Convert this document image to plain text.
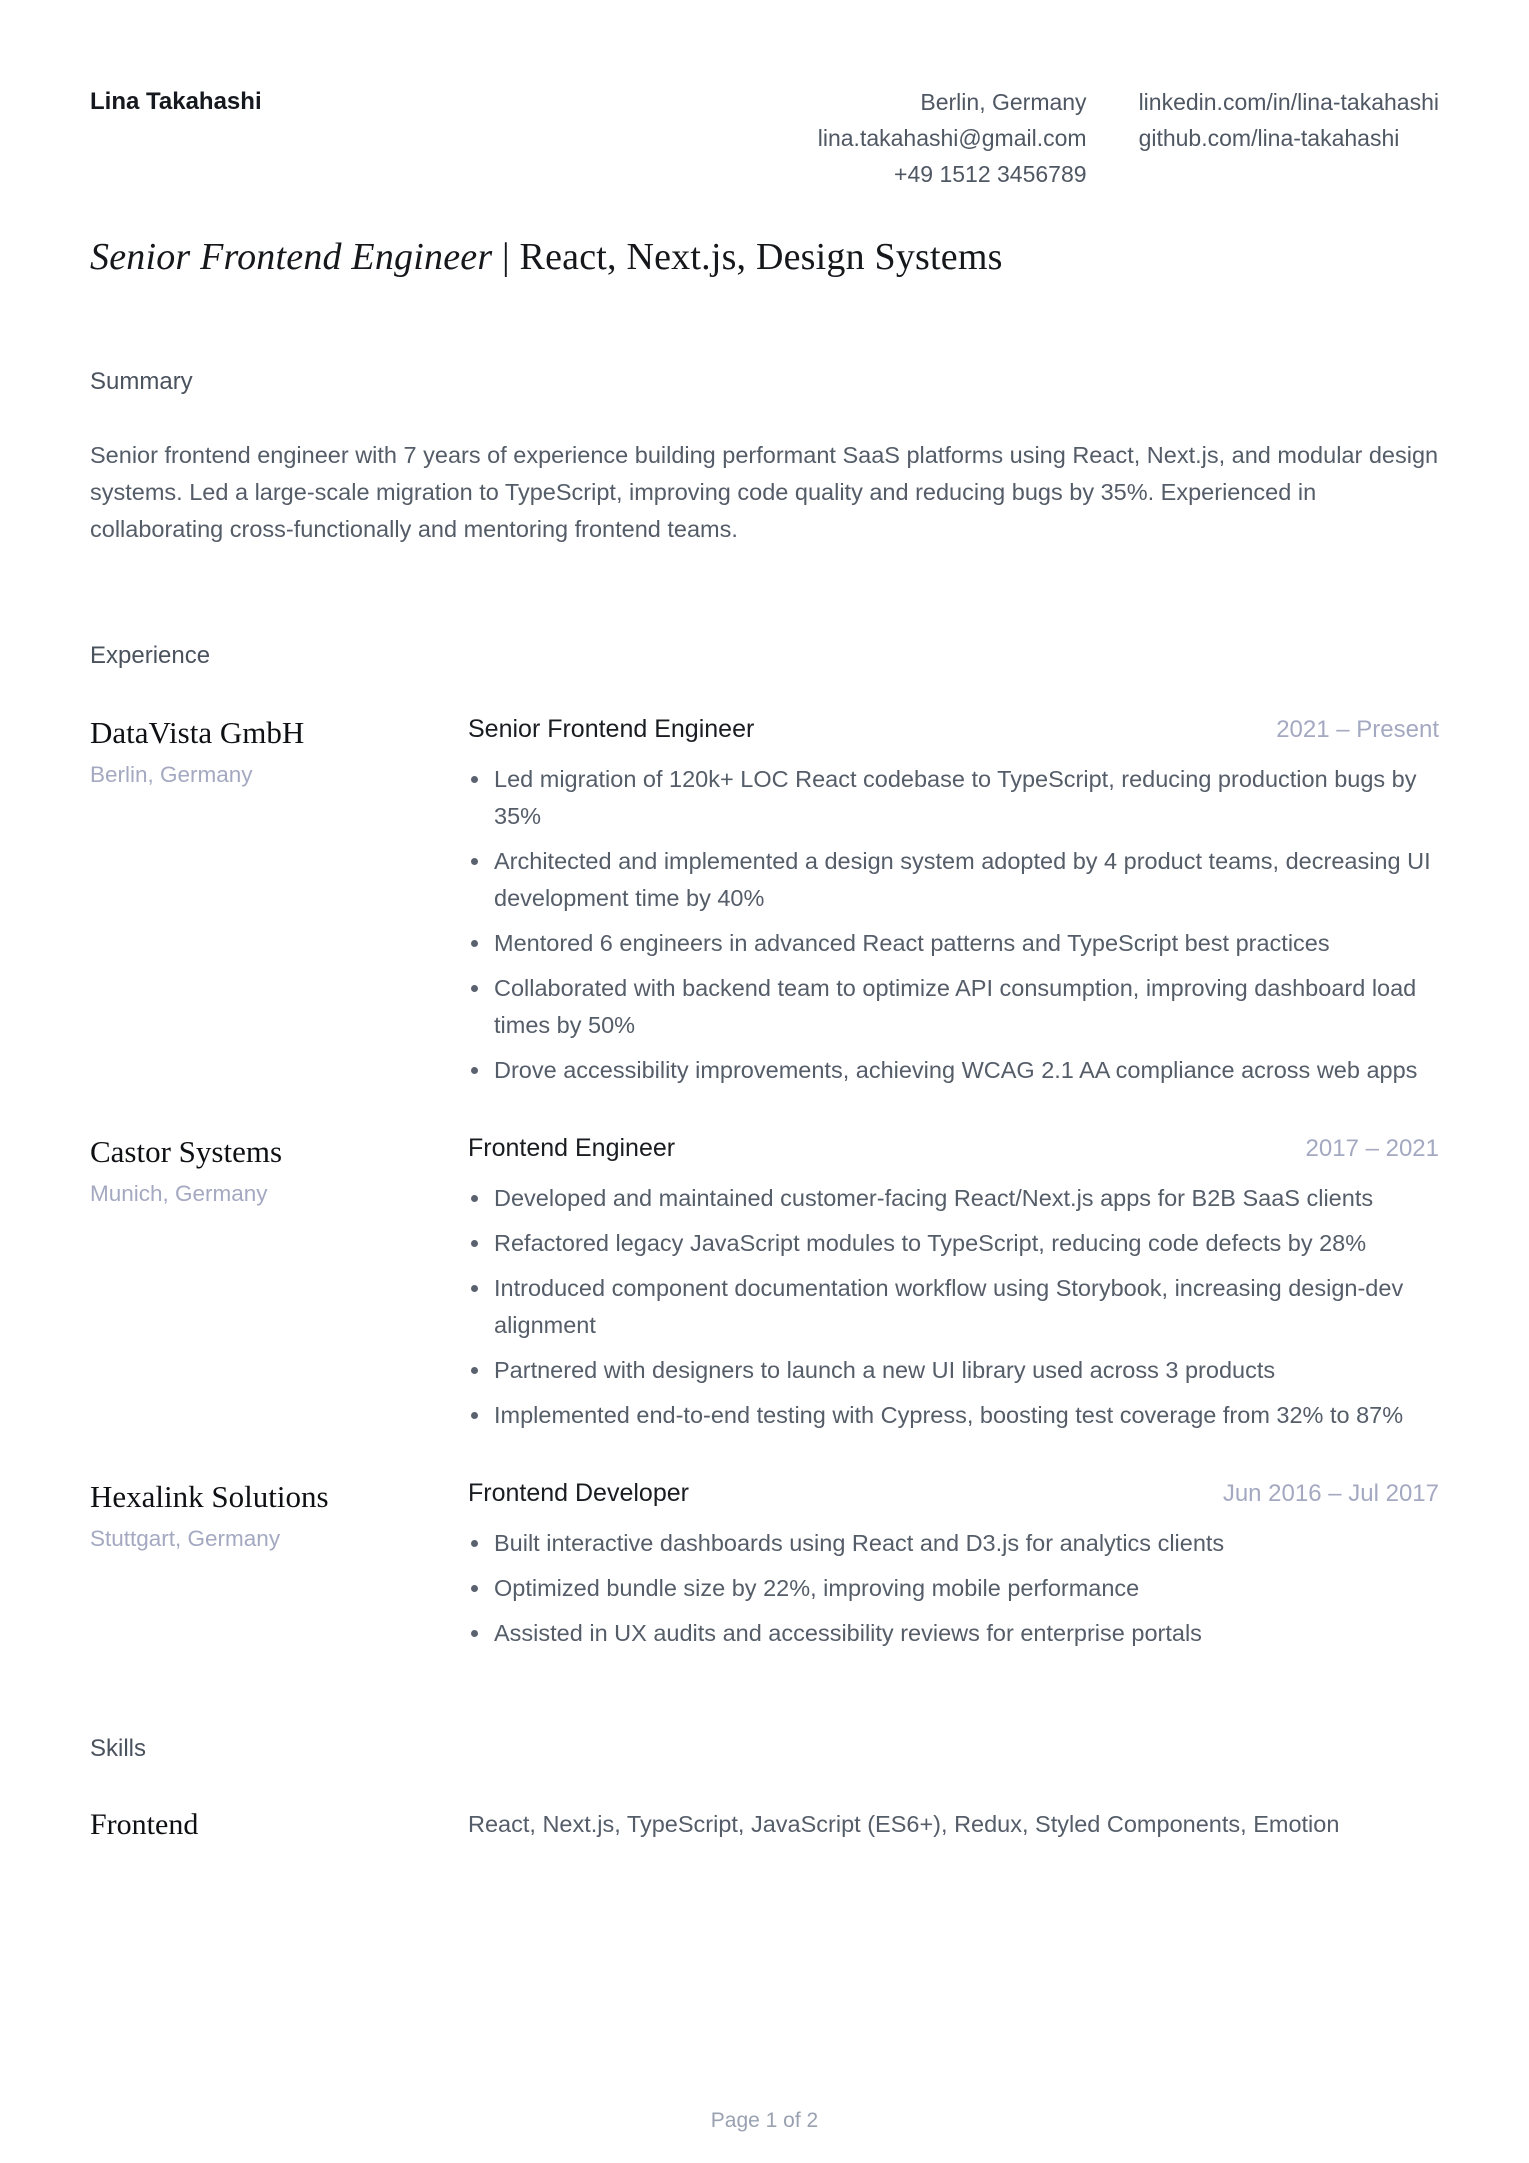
Lina Takahashi	Berlin, Germany
lina.takahashi@gmail.com
+49 1512 3456789
linkedin.com/in/lina-takahashi
github.com/lina-takahashi
Senior Frontend Engineer | React, Next.js, Design Systems
Summary

Senior frontend engineer with 7 years of experience building performant SaaS platforms using React, Next.js, and modular design systems. Led a large-scale migration to TypeScript, improving code quality and reducing bugs by 35%. Experienced in collaborating cross-functionally and mentoring frontend teams.

Experience
DataVista GmbH
Berlin, Germany
Senior Frontend Engineer	2021 – Present
Led migration of 120k+ LOC React codebase to TypeScript, reducing production bugs by 35%
Architected and implemented a design system adopted by 4 product teams, decreasing UI development time by 40%
Mentored 6 engineers in advanced React patterns and TypeScript best practices
Collaborated with backend team to optimize API consumption, improving dashboard load times by 50%
Drove accessibility improvements, achieving WCAG 2.1 AA compliance across web apps
Castor Systems
Munich, Germany
Frontend Engineer	2017 – 2021
Developed and maintained customer-facing React/Next.js apps for B2B SaaS clients
Refactored legacy JavaScript modules to TypeScript, reducing code defects by 28%
Introduced component documentation workflow using Storybook, increasing design-dev alignment
Partnered with designers to launch a new UI library used across 3 products
Implemented end-to-end testing with Cypress, boosting test coverage from 32% to 87%
Hexalink Solutions
Stuttgart, Germany
Frontend Developer	Jun 2016 – Jul 2017
Built interactive dashboards using React and D3.js for analytics clients
Optimized bundle size by 22%, improving mobile performance
Assisted in UX audits and accessibility reviews for enterprise portals
Skills
Frontend	React, Next.js, TypeScript, JavaScript (ES6+), Redux, Styled Components, Emotion
Page 1 of 2
